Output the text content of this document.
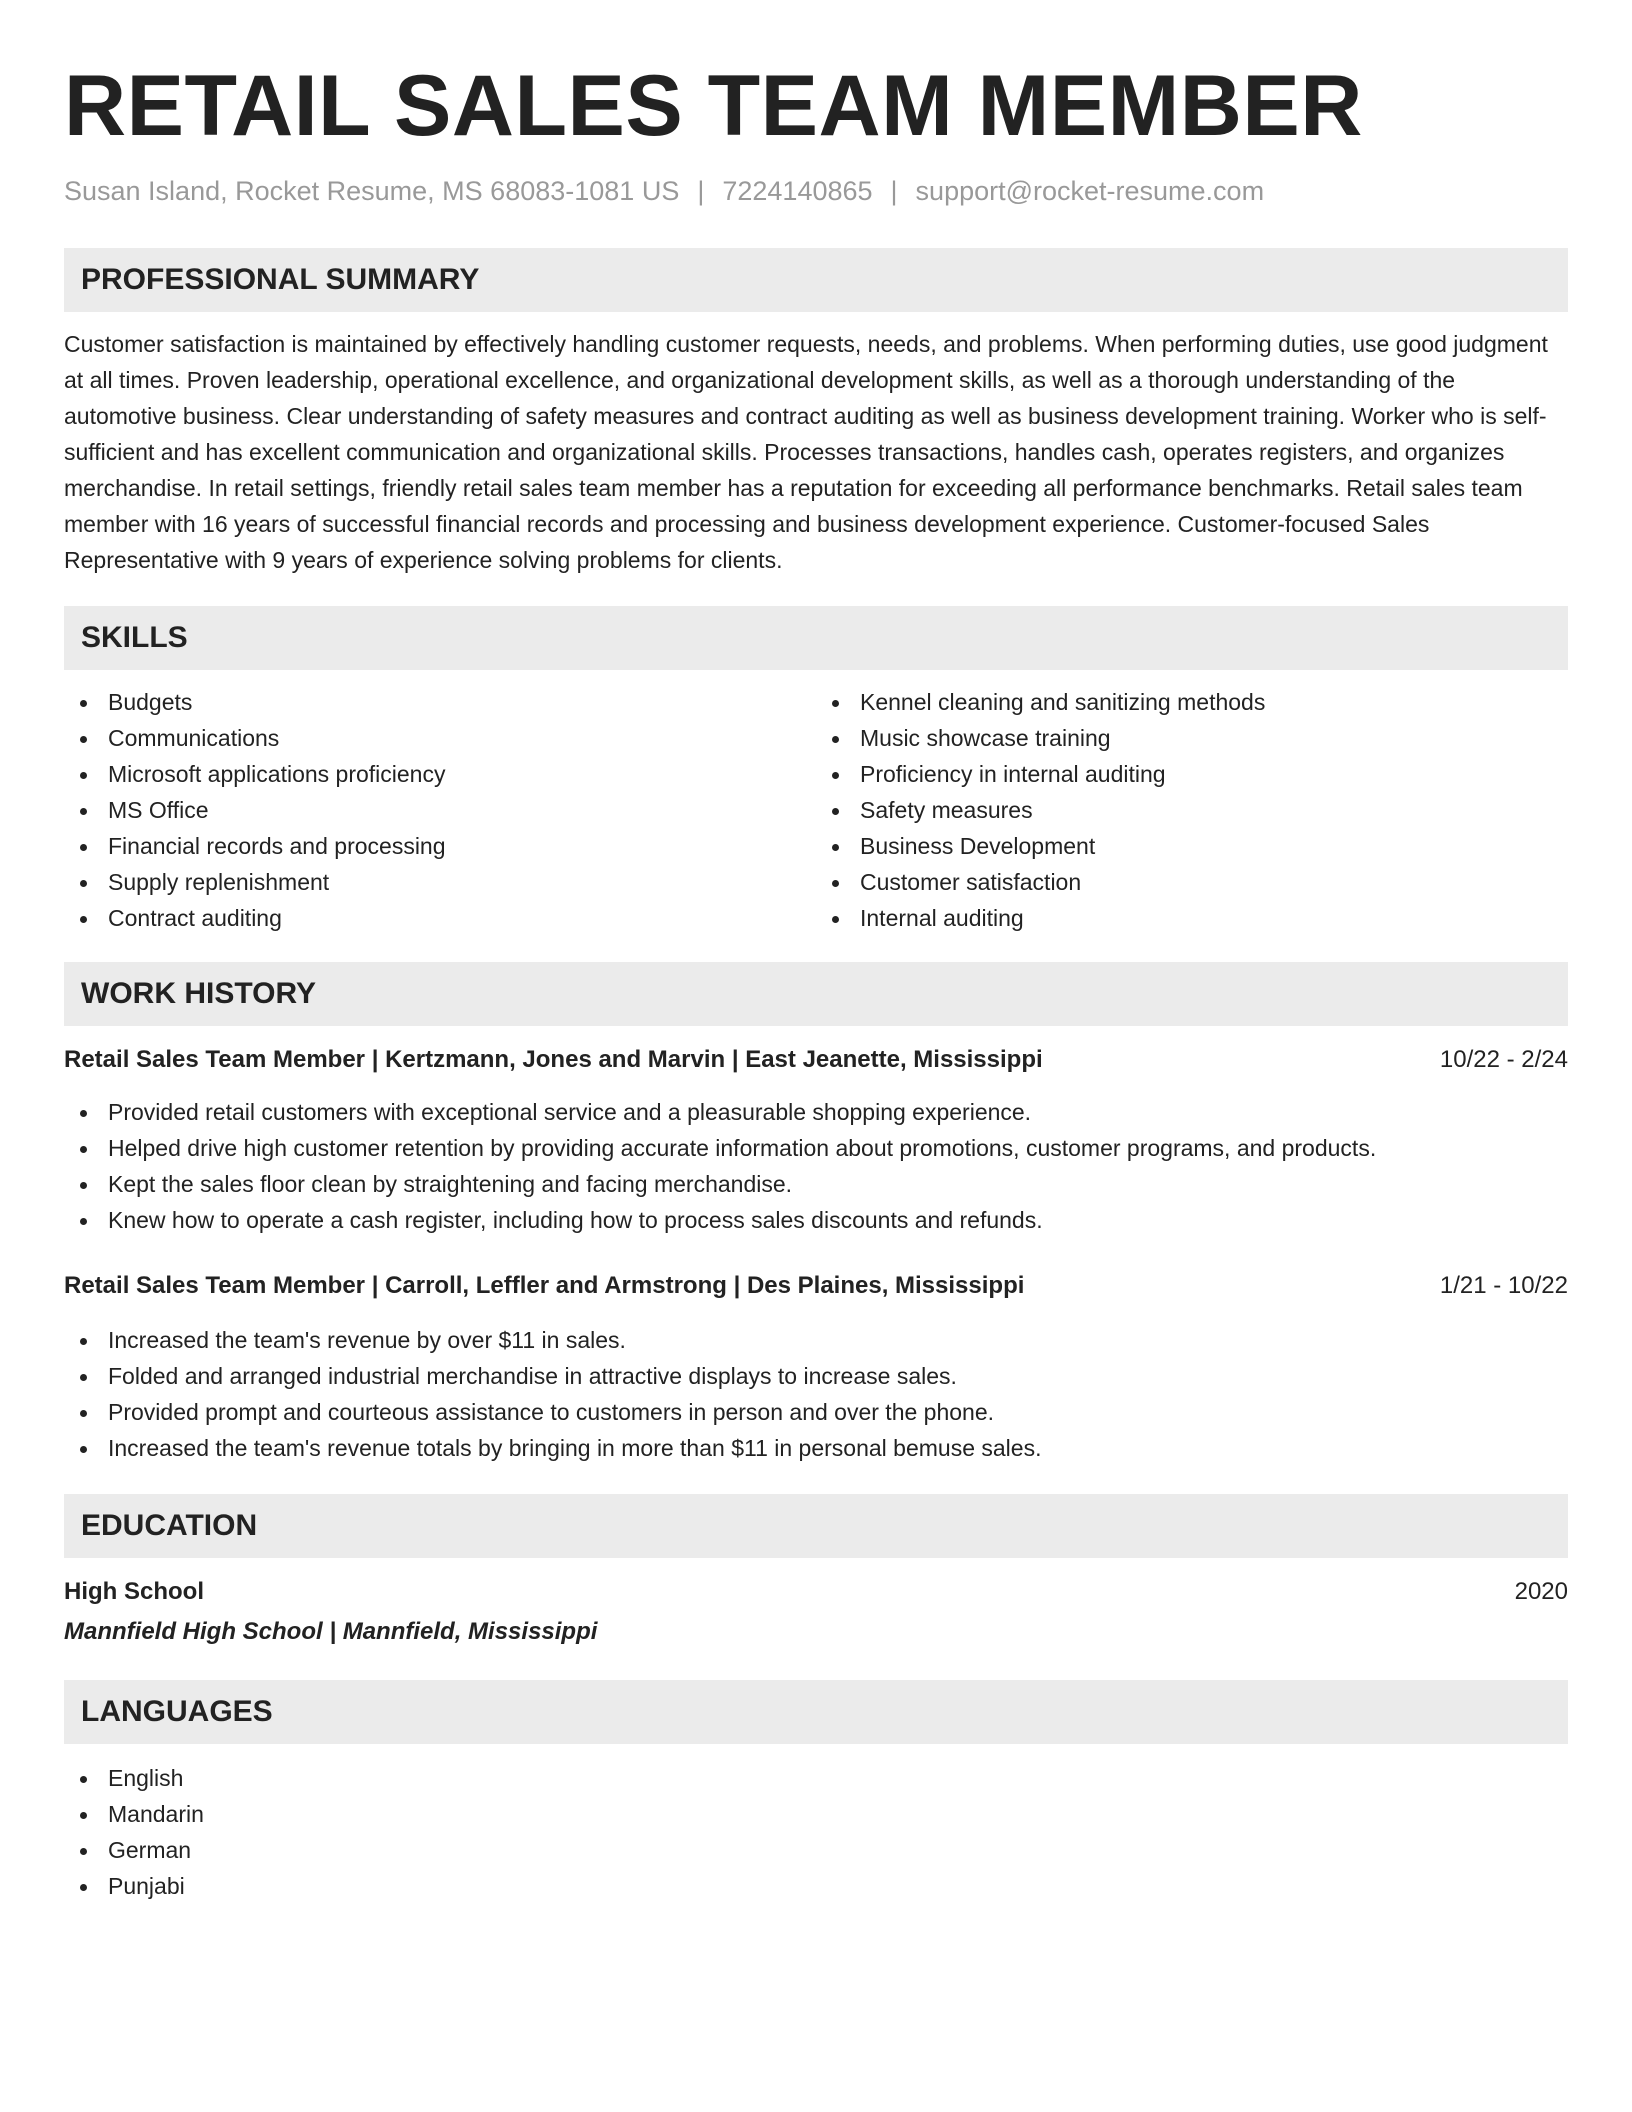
RETAIL SALES TEAM MEMBER
Susan Island, Rocket Resume, MS 68083-1081 US | 7224140865 | support@rocket-resume.com
PROFESSIONAL SUMMARY

Customer satisfaction is maintained by effectively handling customer requests, needs, and problems. When performing duties, use good judgment at all times. Proven leadership, operational excellence, and organizational development skills, as well as a thorough understanding of the automotive business. Clear understanding of safety measures and contract auditing as well as business development training. Worker who is self-sufficient and has excellent communication and organizational skills. Processes transactions, handles cash, operates registers, and organizes merchandise. In retail settings, friendly retail sales team member has a reputation for exceeding all performance benchmarks. Retail sales team member with 16 years of successful financial records and processing and business development experience. Customer-focused Sales Representative with 9 years of experience solving problems for clients.

SKILLS
Budgets
Communications
Microsoft applications proficiency
MS Office
Financial records and processing
Supply replenishment
Contract auditing
Kennel cleaning and sanitizing methods
Music showcase training
Proficiency in internal auditing
Safety measures
Business Development
Customer satisfaction
Internal auditing
WORK HISTORY
Retail Sales Team Member | Kertzmann, Jones and Marvin | East Jeanette, Mississippi	10/22 - 2/24
Provided retail customers with exceptional service and a pleasurable shopping experience.
Helped drive high customer retention by providing accurate information about promotions, customer programs, and products.
Kept the sales floor clean by straightening and facing merchandise.
Knew how to operate a cash register, including how to process sales discounts and refunds.
Retail Sales Team Member | Carroll, Leffler and Armstrong | Des Plaines, Mississippi	1/21 - 10/22
Increased the team's revenue by over $11 in sales.
Folded and arranged industrial merchandise in attractive displays to increase sales.
Provided prompt and courteous assistance to customers in person and over the phone.
Increased the team's revenue totals by bringing in more than $11 in personal bemuse sales.
EDUCATION
High School	2020
Mannfield High School | Mannfield, Mississippi
LANGUAGES
English
Mandarin
German
Punjabi
